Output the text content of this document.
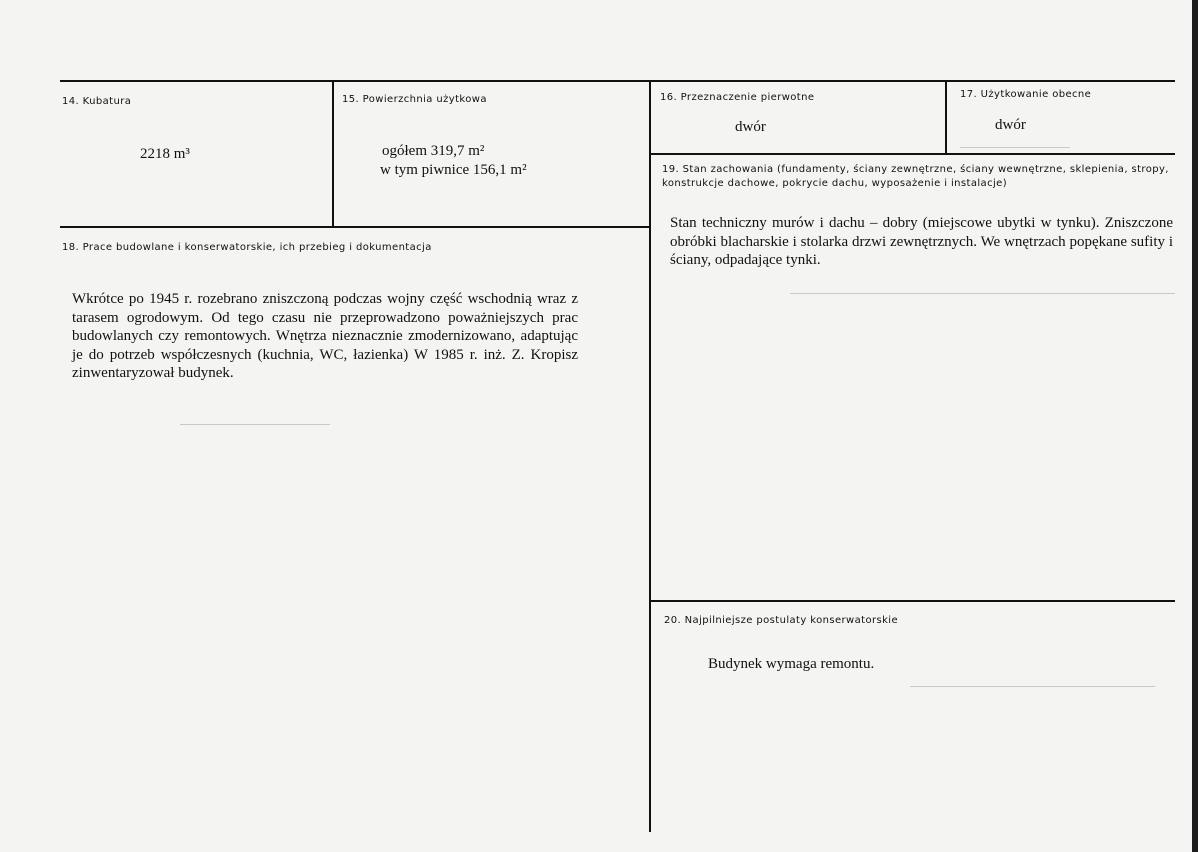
14. Kubatura
2218 m³
15. Powierzchnia użytkowa
ogółem 319,7 m²
w tym piwnice 156,1 m²
16. Przeznaczenie pierwotne
dwór
17. Użytkowanie obecne
dwór
18. Prace budowlane i konserwatorskie, ich przebieg i dokumentacja
Wkrótce po 1945 r. rozebrano zniszczoną podczas wojny część wschodnią wraz z tarasem ogrodowym. Od tego czasu nie przeprowadzono poważniejszych prac budowlanych czy remontowych. Wnętrza nieznacznie zmodernizowano, adaptując je do potrzeb współczesnych (kuchnia, WC, łazienka) W 1985 r. inż. Z. Kropisz zinwentaryzował budynek.
19. Stan zachowania (fundamenty, ściany zewnętrzne, ściany wewnętrzne, sklepienia, stropy, konstrukcje dachowe, pokrycie dachu, wyposażenie i instalacje)
Stan techniczny murów i dachu – dobry (miejscowe ubytki w tynku). Zniszczone obróbki blacharskie i stolarka drzwi zewnętrznych. We wnętrzach popękane sufity i ściany, odpadające tynki.
20. Najpilniejsze postulaty konserwatorskie
Budynek wymaga remontu.
